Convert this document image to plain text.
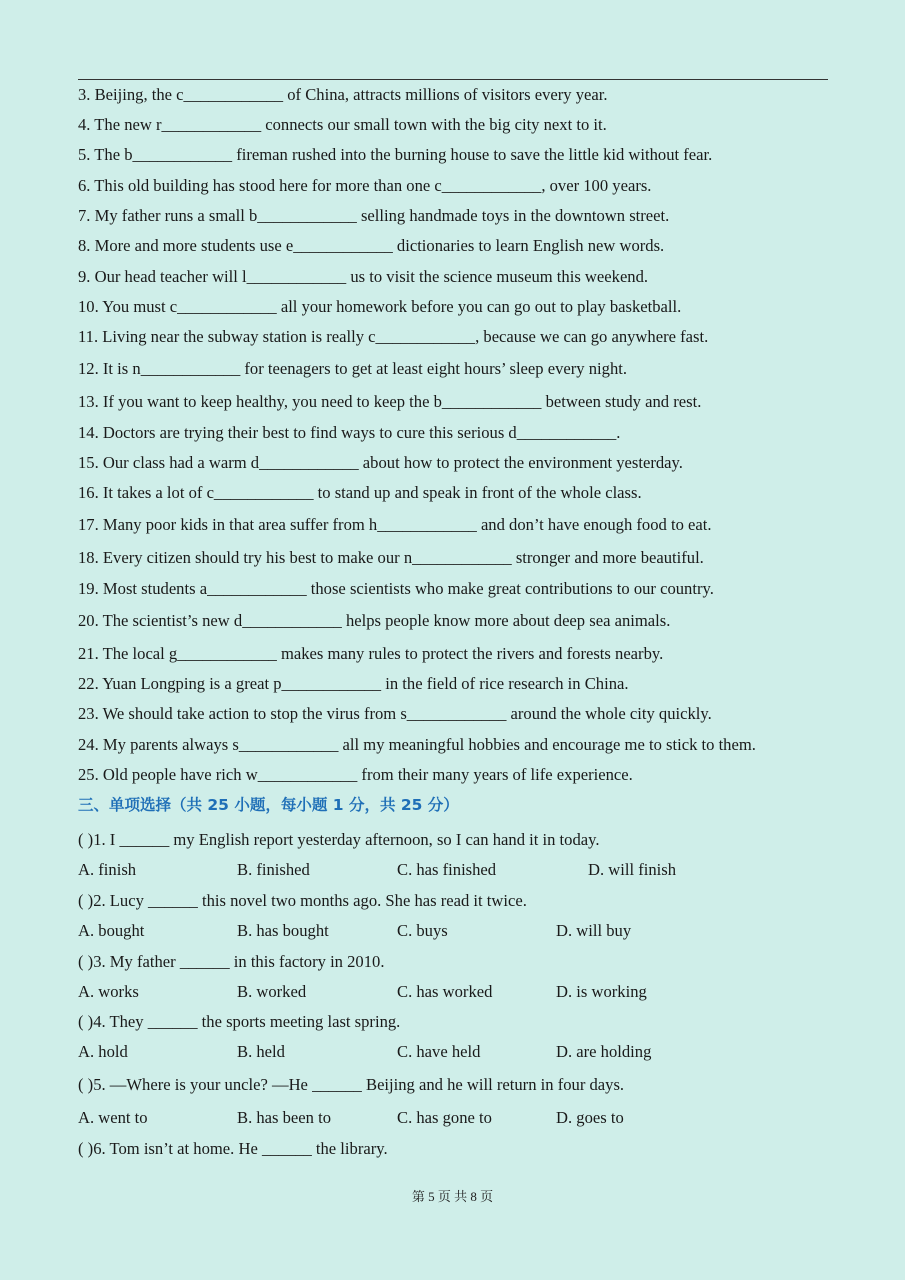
3. Beijing, the c____________ of China, attracts millions of visitors every year.
4. The new r____________ connects our small town with the big city next to it.
5. The b____________ fireman rushed into the burning house to save the little kid without fear.
6. This old building has stood here for more than one c____________, over 100 years.
7. My father runs a small b____________ selling handmade toys in the downtown street.
8. More and more students use e____________ dictionaries to learn English new words.
9. Our head teacher will l____________ us to visit the science museum this weekend.
10. You must c____________ all your homework before you can go out to play basketball.
11. Living near the subway station is really c____________, because we can go anywhere fast.
12. It is n____________ for teenagers to get at least eight hours’ sleep every night.
13. If you want to keep healthy, you need to keep the b____________ between study and rest.
14. Doctors are trying their best to find ways to cure this serious d____________.
15. Our class had a warm d____________ about how to protect the environment yesterday.
16. It takes a lot of c____________ to stand up and speak in front of the whole class.
17. Many poor kids in that area suffer from h____________ and don’t have enough food to eat.
18. Every citizen should try his best to make our n____________ stronger and more beautiful.
19. Most students a____________ those scientists who make great contributions to our country.
20. The scientist’s new d____________ helps people know more about deep sea animals.
21. The local g____________ makes many rules to protect the rivers and forests nearby.
22. Yuan Longping is a great p____________ in the field of rice research in China.
23. We should take action to stop the virus from s____________ around the whole city quickly.
24. My parents always s____________ all my meaningful hobbies and encourage me to stick to them.
25. Old people have rich w____________ from their many years of life experience.
三、单项选择（共 25 小题，每小题 1 分，共 25 分）
( )1. I ______ my English report yesterday afternoon, so I can hand it in today.
A. finish	B. finished	C. has finished	D. will finish
( )2. Lucy ______ this novel two months ago. She has read it twice.
A. bought	B. has bought	C. buys	D. will buy
( )3. My father ______ in this factory in 2010.
A. works	B. worked	C. has worked	D. is working
( )4. They ______ the sports meeting last spring.
A. hold	B. held	C. have held	D. are holding
( )5. —Where is your uncle? —He ______ Beijing and he will return in four days.
A. went to	B. has been to	C. has gone to	D. goes to
( )6. Tom isn’t at home. He ______ the library.
第 5 页 共 8 页
